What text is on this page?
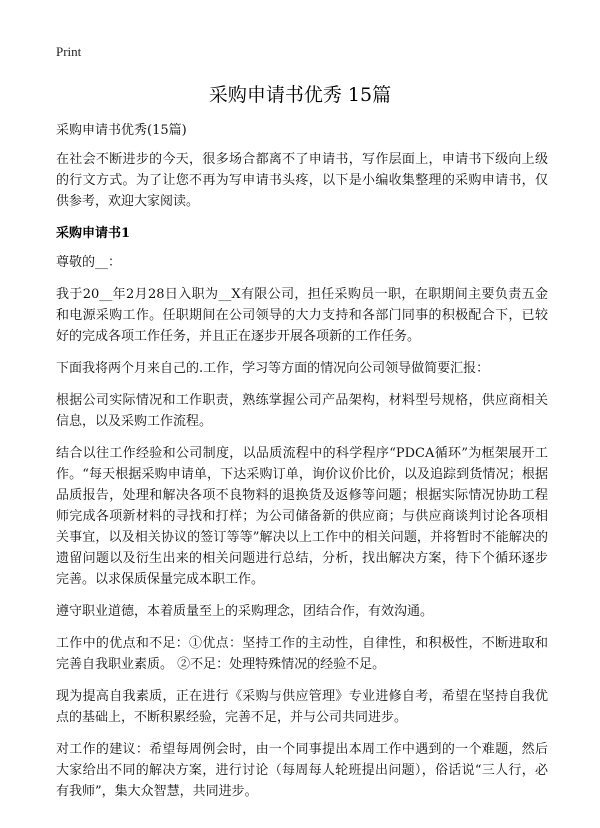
Print
采购申请书优秀 15篇

采购申请书优秀(15篇)

在社会不断进步的今天，很多场合都离不了申请书，写作层面上，申请书下级向上级的行文方式。为了让您不再为写申请书头疼，以下是小编收集整理的采购申请书，仅供参考，欢迎大家阅读。

采购申请书1

尊敬的__：

我于20__年2月28日入职为__X有限公司，担任采购员一职，在职期间主要负责五金和电源采购工作。任职期间在公司领导的大力支持和各部门同事的积极配合下，已较好的完成各项工作任务，并且正在逐步开展各项新的工作任务。

下面我将两个月来自己的.工作，学习等方面的情况向公司领导做简要汇报：

根据公司实际情况和工作职责，熟练掌握公司产品架构，材料型号规格，供应商相关信息，以及采购工作流程。

结合以往工作经验和公司制度，以品质流程中的科学程序“PDCA循环”为框架展开工作。“每天根据采购申请单，下达采购订单，询价议价比价，以及追踪到货情况；根据品质报告，处理和解决各项不良物料的退换货及返修等问题；根据实际情况协助工程师完成各项新材料的寻找和打样；为公司储备新的供应商；与供应商谈判讨论各项相关事宜，以及相关协议的签订等等”解决以上工作中的相关问题，并将暂时不能解决的遗留问题以及衍生出来的相关问题进行总结，分析，找出解决方案，待下个循环逐步完善。以求保质保量完成本职工作。

遵守职业道德，本着质量至上的采购理念，团结合作，有效沟通。

工作中的优点和不足：①优点：坚持工作的主动性，自律性，和积极性，不断进取和完善自我职业素质。 ②不足：处理特殊情况的经验不足。

现为提高自我素质，正在进行《采购与供应管理》专业进修自考，希望在坚持自我优点的基础上，不断积累经验，完善不足，并与公司共同进步。

对工作的建议：希望每周例会时，由一个同事提出本周工作中遇到的一个难题，然后大家给出不同的解决方案，进行讨论（每周每人轮班提出问题），俗话说“三人行，必有我师”，集大众智慧，共同进步。
